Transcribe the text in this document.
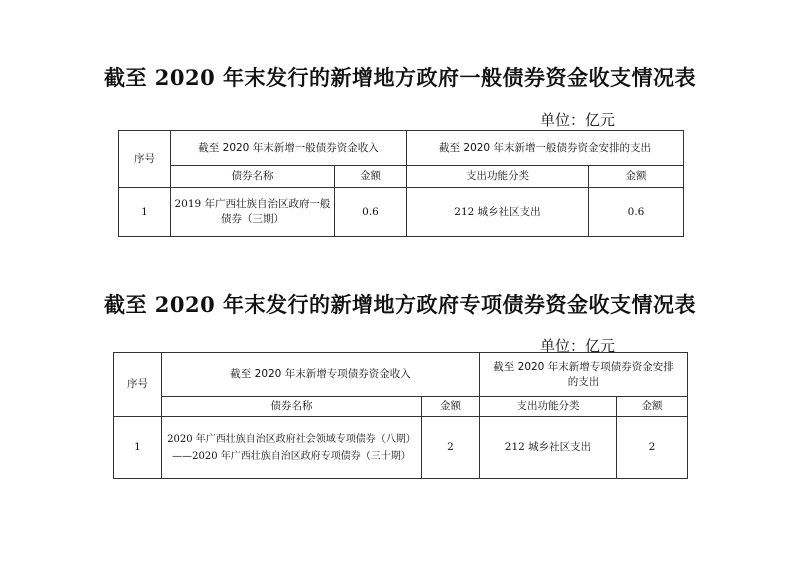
截至 2020 年末发行的新增地方政府一般债券资金收支情况表
单位：亿元
序号	截至 2020 年末新增一般债券资金收入		截至 2020 年末新增一般债券资金安排的支出	
	债券名称	金额	支出功能分类	金额
1	2019 年广西壮族自治区政府一般
债券（三期）	0.6	212 城乡社区支出	0.6
截至 2020 年末发行的新增地方政府专项债券资金收支情况表
单位：亿元
序号	截至 2020 年末新增专项债券资金收入		截至 2020 年末新增专项债券资金安排
的支出	

	债券名称	金额	支出功能分类	金额
1	2020 年广西壮族自治区政府社会领域专项债券（八期）
——2020 年广西壮族自治区政府专项债券（三十期）	2	212 城乡社区支出	2
